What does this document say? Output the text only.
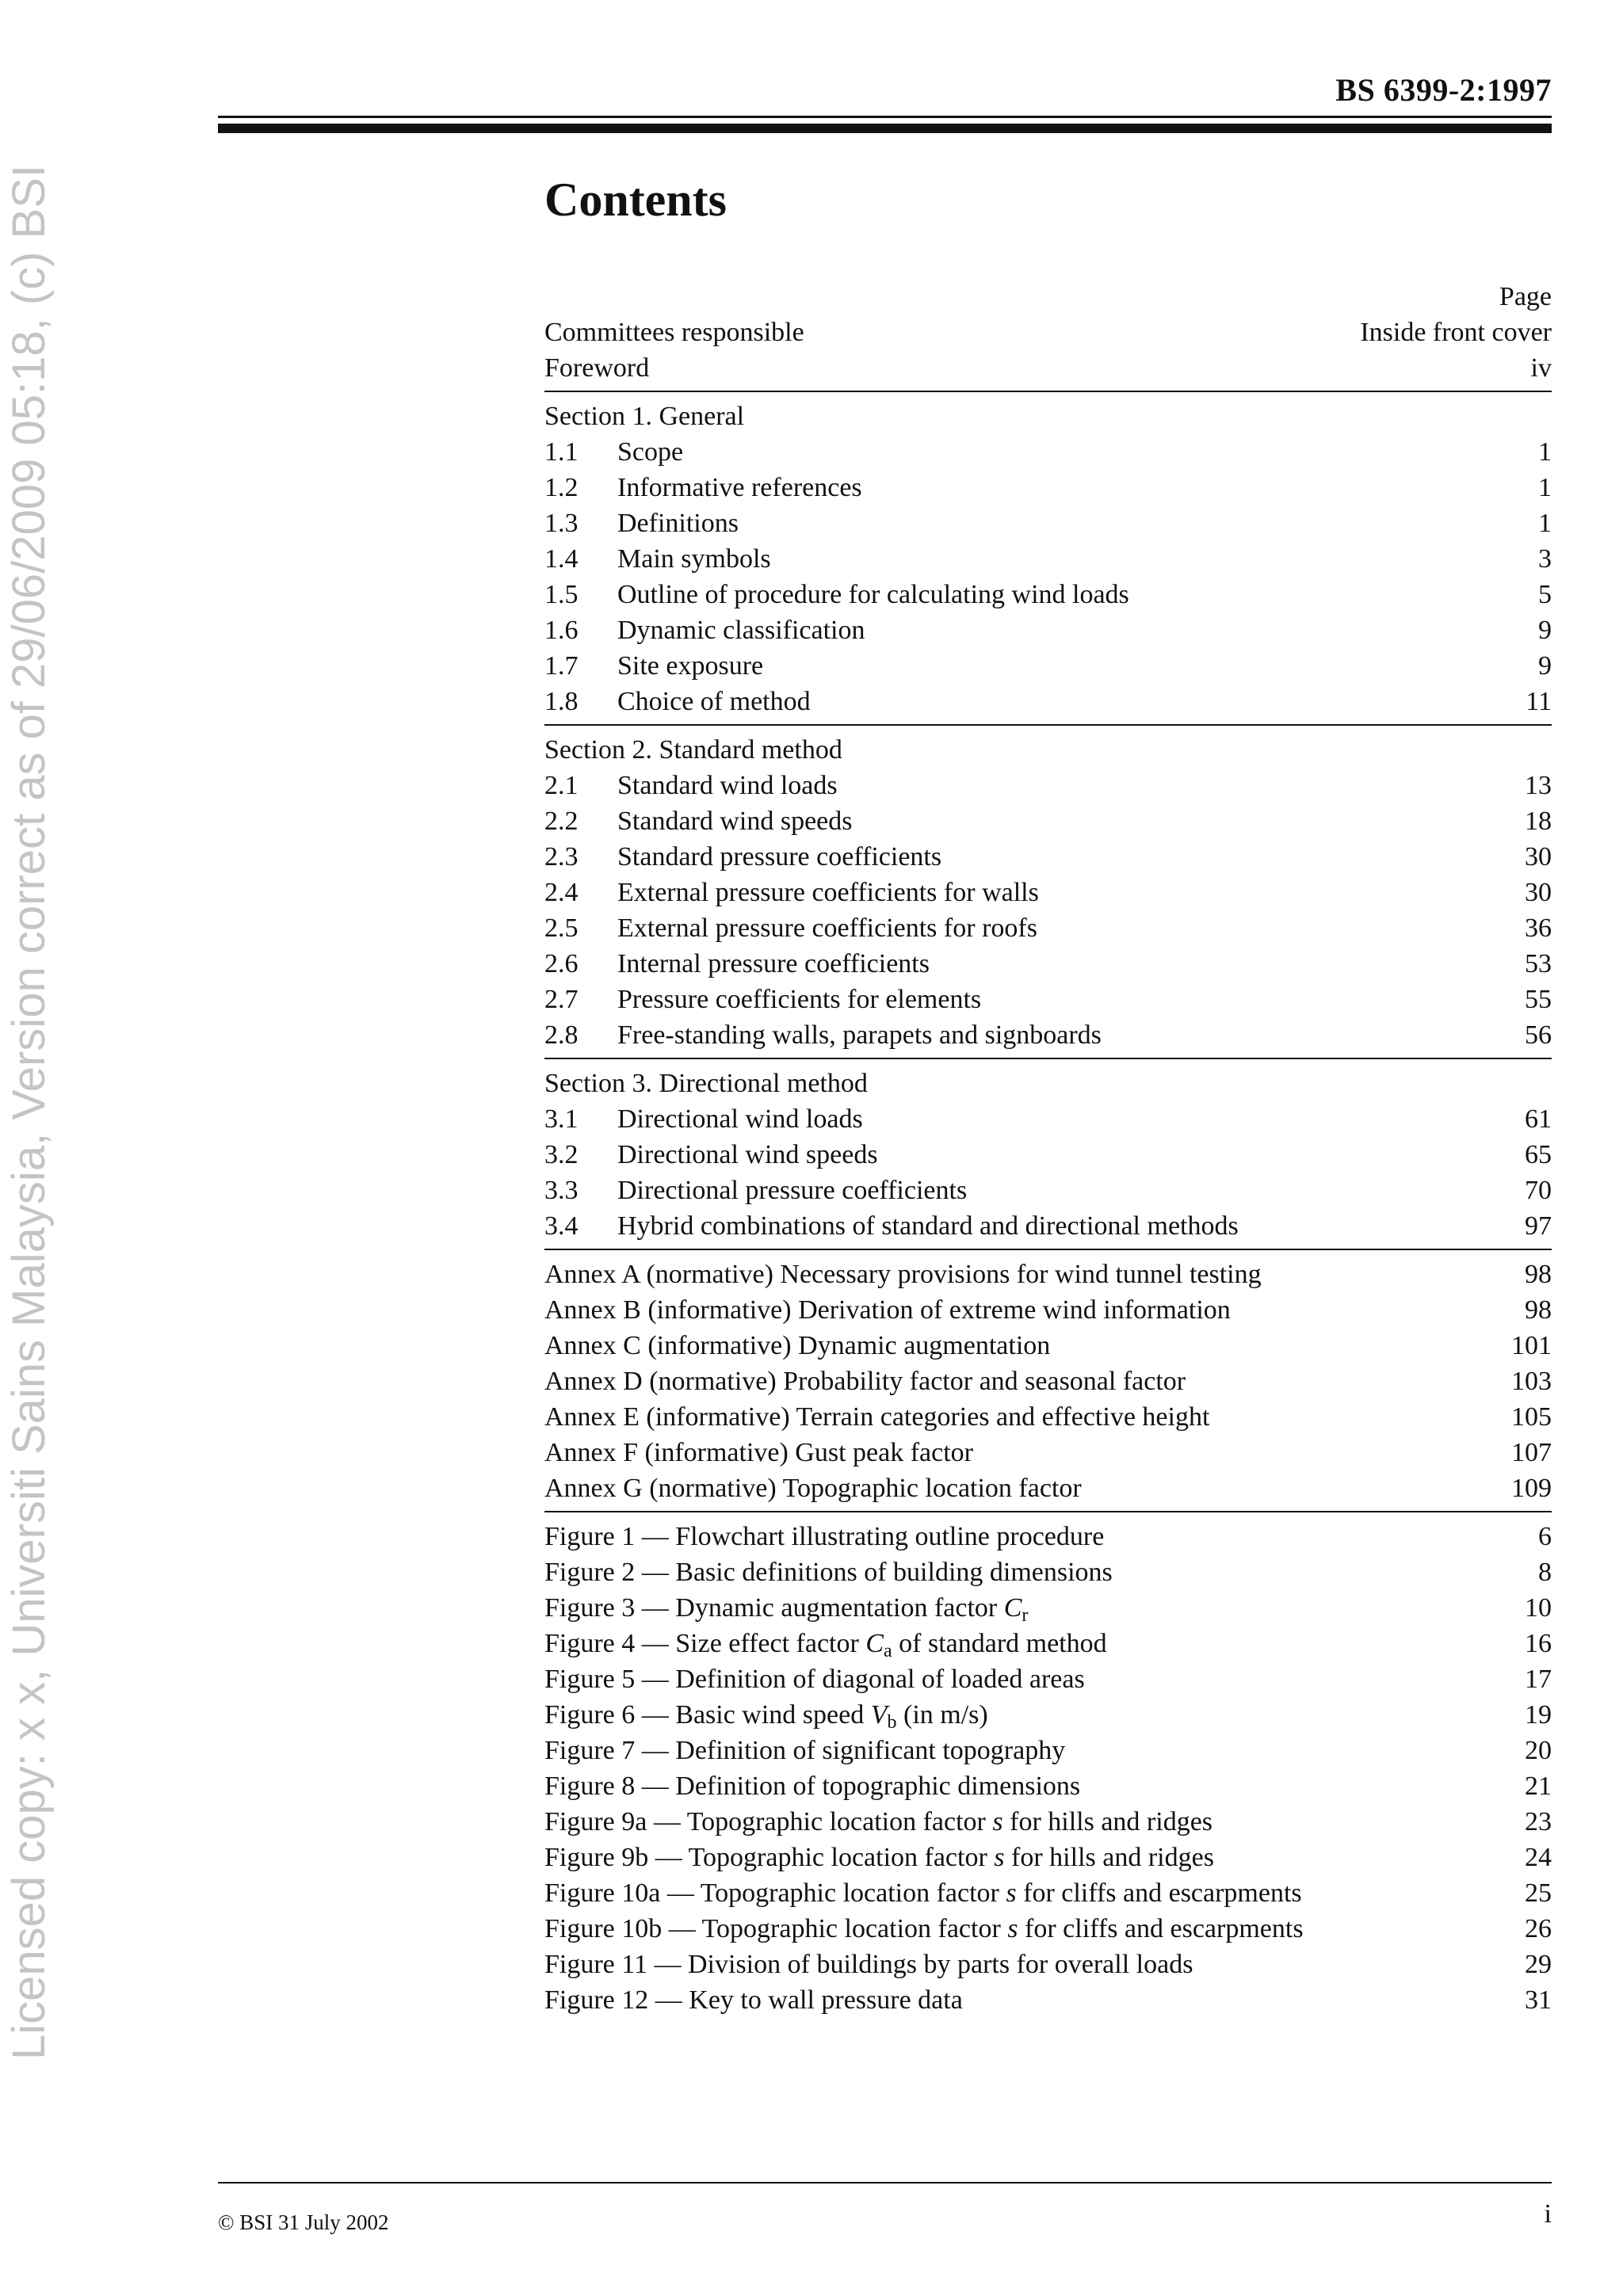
BS 6399-2:1997
Licensed copy: x x, Universiti Sains Malaysia, Version correct as of 29/06/2009 05:18, (c) BSI	Contents
Page
Committees responsible	Inside front cover
Foreword	iv
Section 1. General
1.1 Scope	1
1.2 Informative references	1
1.3 Definitions	1
1.4 Main symbols	3
1.5 Outline of procedure for calculating wind loads	5
1.6 Dynamic classification	9
1.7 Site exposure	9
1.8 Choice of method	11
Section 2. Standard method
2.1 Standard wind loads	13
2.2 Standard wind speeds	18
2.3 Standard pressure coefficients	30
2.4 External pressure coefficients for walls	30
2.5 External pressure coefficients for roofs	36
2.6 Internal pressure coefficients	53
2.7 Pressure coefficients for elements	55
2.8 Free-standing walls, parapets and signboards	56
Section 3. Directional method
3.1 Directional wind loads	61
3.2 Directional wind speeds	65
3.3 Directional pressure coefficients	70
3.4 Hybrid combinations of standard and directional methods	97
Annex A (normative) Necessary provisions for wind tunnel testing	98
Annex B (informative) Derivation of extreme wind information	98
Annex C (informative) Dynamic augmentation	101
Annex D (normative) Probability factor and seasonal factor	103
Annex E (informative) Terrain categories and effective height	105
Annex F (informative) Gust peak factor	107
Annex G (normative) Topographic location factor	109
Figure 1 — Flowchart illustrating outline procedure	6
Figure 2 — Basic definitions of building dimensions	8
Figure 3 — Dynamic augmentation factor $C_r$	10
Figure 4 — Size effect factor $C_a$ of standard method	16
Figure 5 — Definition of diagonal of loaded areas	17
Figure 6 — Basic wind speed $V_b$ (in m/s)	19
Figure 7 — Definition of significant topography	20
Figure 8 — Definition of topographic dimensions	21
Figure 9a — Topographic location factor s for hills and ridges	23
Figure 9b — Topographic location factor s for hills and ridges	24
Figure 10a — Topographic location factor s for cliffs and escarpments	25
Figure 10b — Topographic location factor s for cliffs and escarpments	26
Figure 11 — Division of buildings by parts for overall loads	29
Figure 12 — Key to wall pressure data	31
© BSI 31 July 2002	i
